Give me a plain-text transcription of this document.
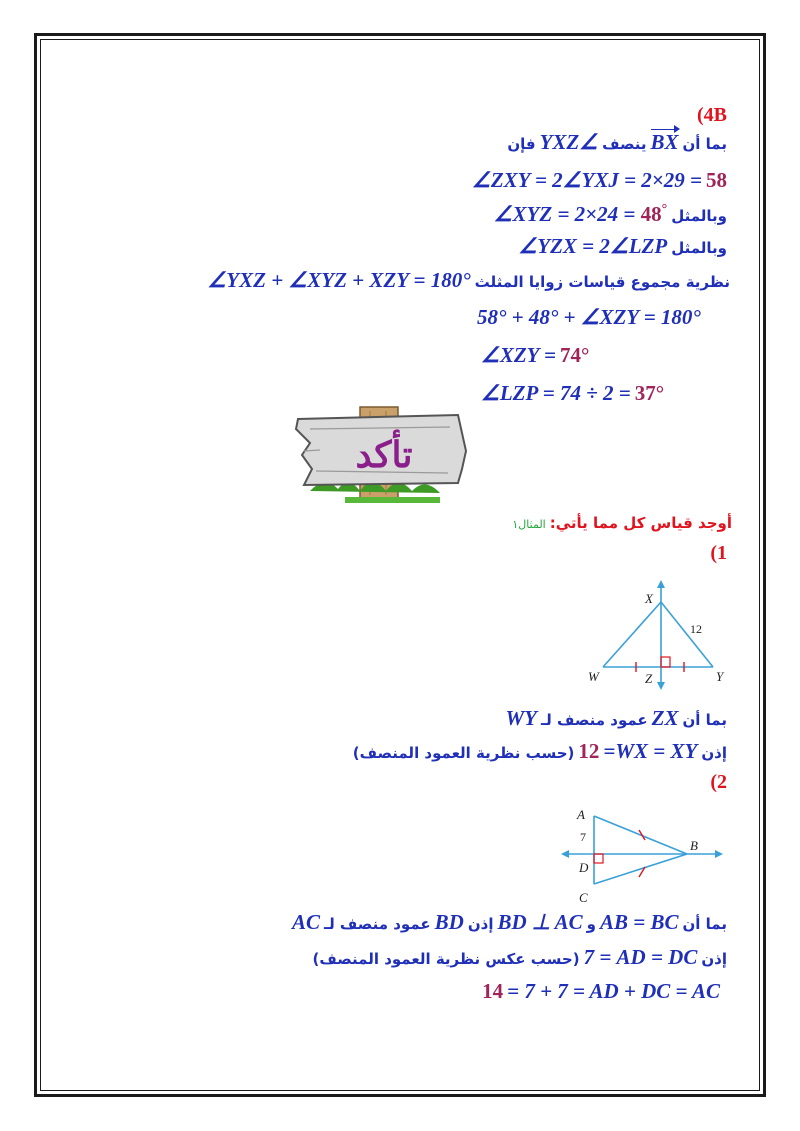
(4B
بما أن BX ينصف ∠YXZ فإن
∠ZXY = 2∠YXJ = 2×29 = 58
∠XYZ = 2×24 = 48° وبالمثل
∠YZX = 2∠LZP وبالمثل
∠YXZ + ∠XYZ + XZY = 180° نظرية مجموع قياسات زوايا المثلث
58° + 48° + ∠XZY = 180°
∠XZY = 74°
∠LZP = 74 ÷ 2 = 37°
تأكد
أوجد قياس كل مما يأتي: المثال١
(1
X
12
W	Z	Y
WY عمود منصف لـ ZX بما أن
(حسب نظرية العمود المنصف) 12 =WX = XY إذن
(2
A
7
B
D
C
AC عمود منصف لـ BD إذن BD ⊥ AC و AB = BC بما أن
(حسب عكس نظرية العمود المنصف) 7 = AD = DC إذن
14 = 7 + 7 = AD + DC = AC
